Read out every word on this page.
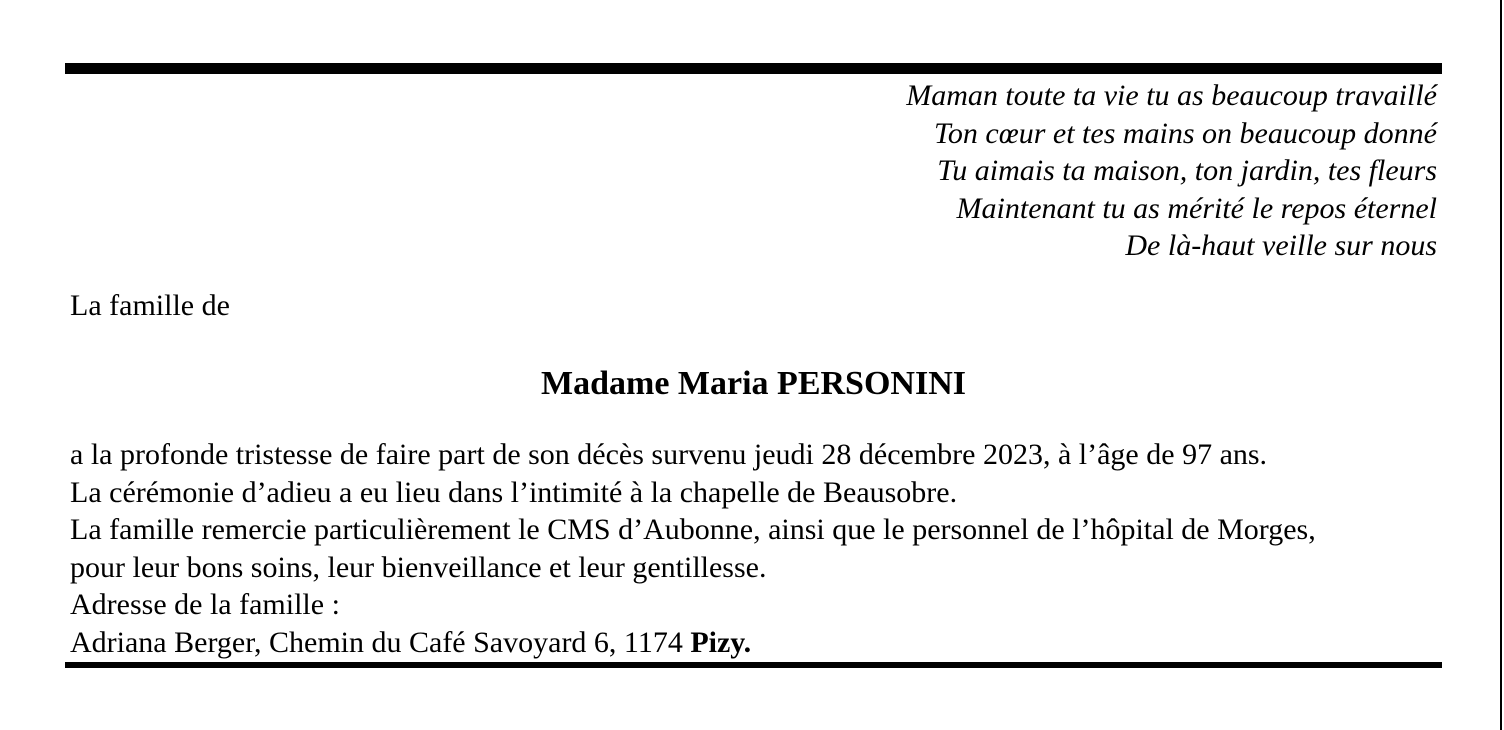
Maman toute ta vie tu as beaucoup travaillé
Ton cœur et tes mains on beaucoup donné
Tu aimais ta maison, ton jardin, tes fleurs
Maintenant tu as mérité le repos éternel
De là-haut veille sur nous
La famille de
Madame Maria PERSONINI
a la profonde tristesse de faire part de son décès survenu jeudi 28 décembre 2023, à l’âge de 97 ans.
La cérémonie d’adieu a eu lieu dans l’intimité à la chapelle de Beausobre.
La famille remercie particulièrement le CMS d’Aubonne, ainsi que le personnel de l’hôpital de Morges,
pour leur bons soins, leur bienveillance et leur gentillesse.
Adresse de la famille :
Adriana Berger, Chemin du Café Savoyard 6, 1174 Pizy.
